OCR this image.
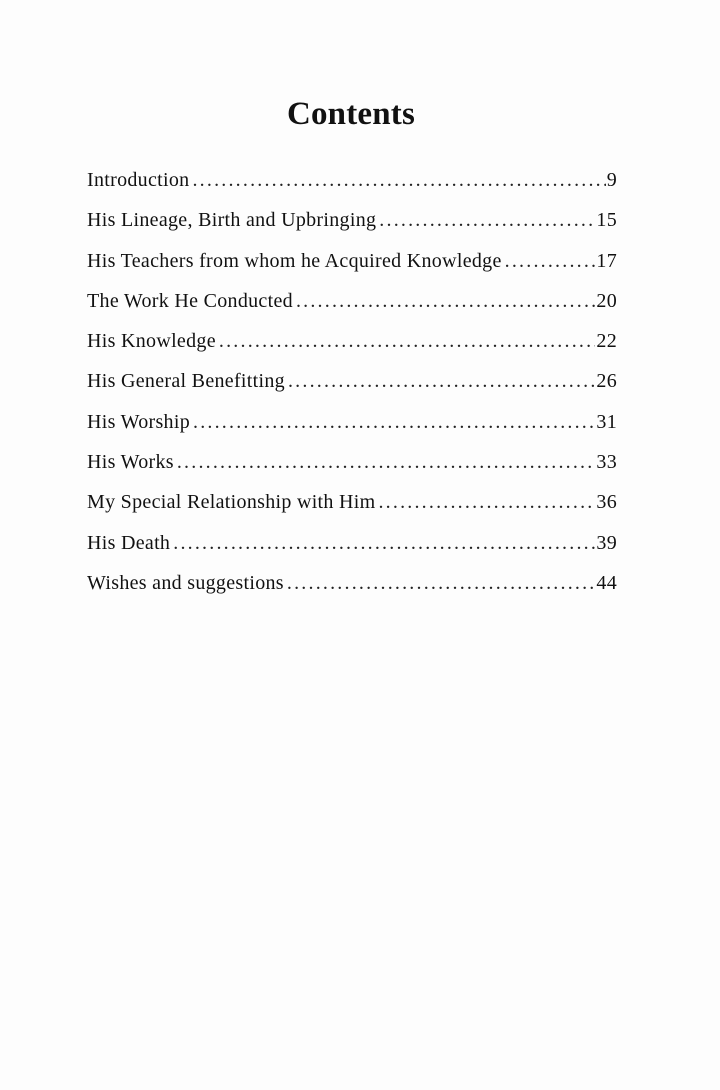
Contents
Introduction .....	9
His Lineage, Birth and Upbringing .....	15
His Teachers from whom he Acquired Knowledge .....	17
The Work He Conducted .....	20
His Knowledge .....	22
His General Benefitting .....	26
His Worship .....	31
His Works .....	33
My Special Relationship with Him .....	36
His Death .....	39
Wishes and suggestions .....	44
